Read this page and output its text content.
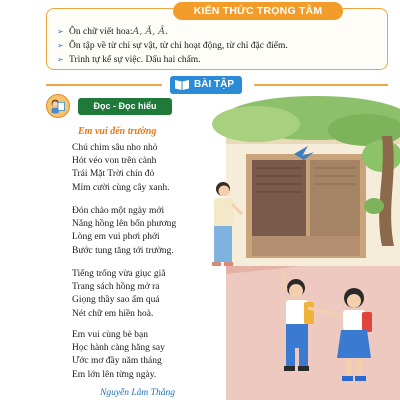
KIẾN THỨC TRỌNG TÂM
➢ Ôn chữ viết hoa: A, Ă, Â.
➢ Ôn tập về từ chỉ sự vật, từ chỉ hoạt động, từ chỉ đặc điểm.
➢ Trình tự kể sự việc. Dấu hai chấm.
BÀI TẬP
Đọc - Đọc hiểu
Em vui đến trường

Chú chim sâu nho nhỏ

Hót véo von trên cành

Trái Mặt Trời chín đỏ

Mỉm cười cùng cây xanh.

Đón chào một ngày mới

Nắng hồng lên bốn phương

Lòng em vui phơi phới

Bước tung tăng tới trường.

Tiếng trống vừa giục giã

Trang sách hồng mở ra

Giọng thầy sao ấm quá

Nét chữ em hiền hoà.

Em vui cùng bè bạn

Học hành càng hăng say

Ước mơ đầy năm tháng

Em lớn lên từng ngày.

Nguyễn Lâm Thắng
